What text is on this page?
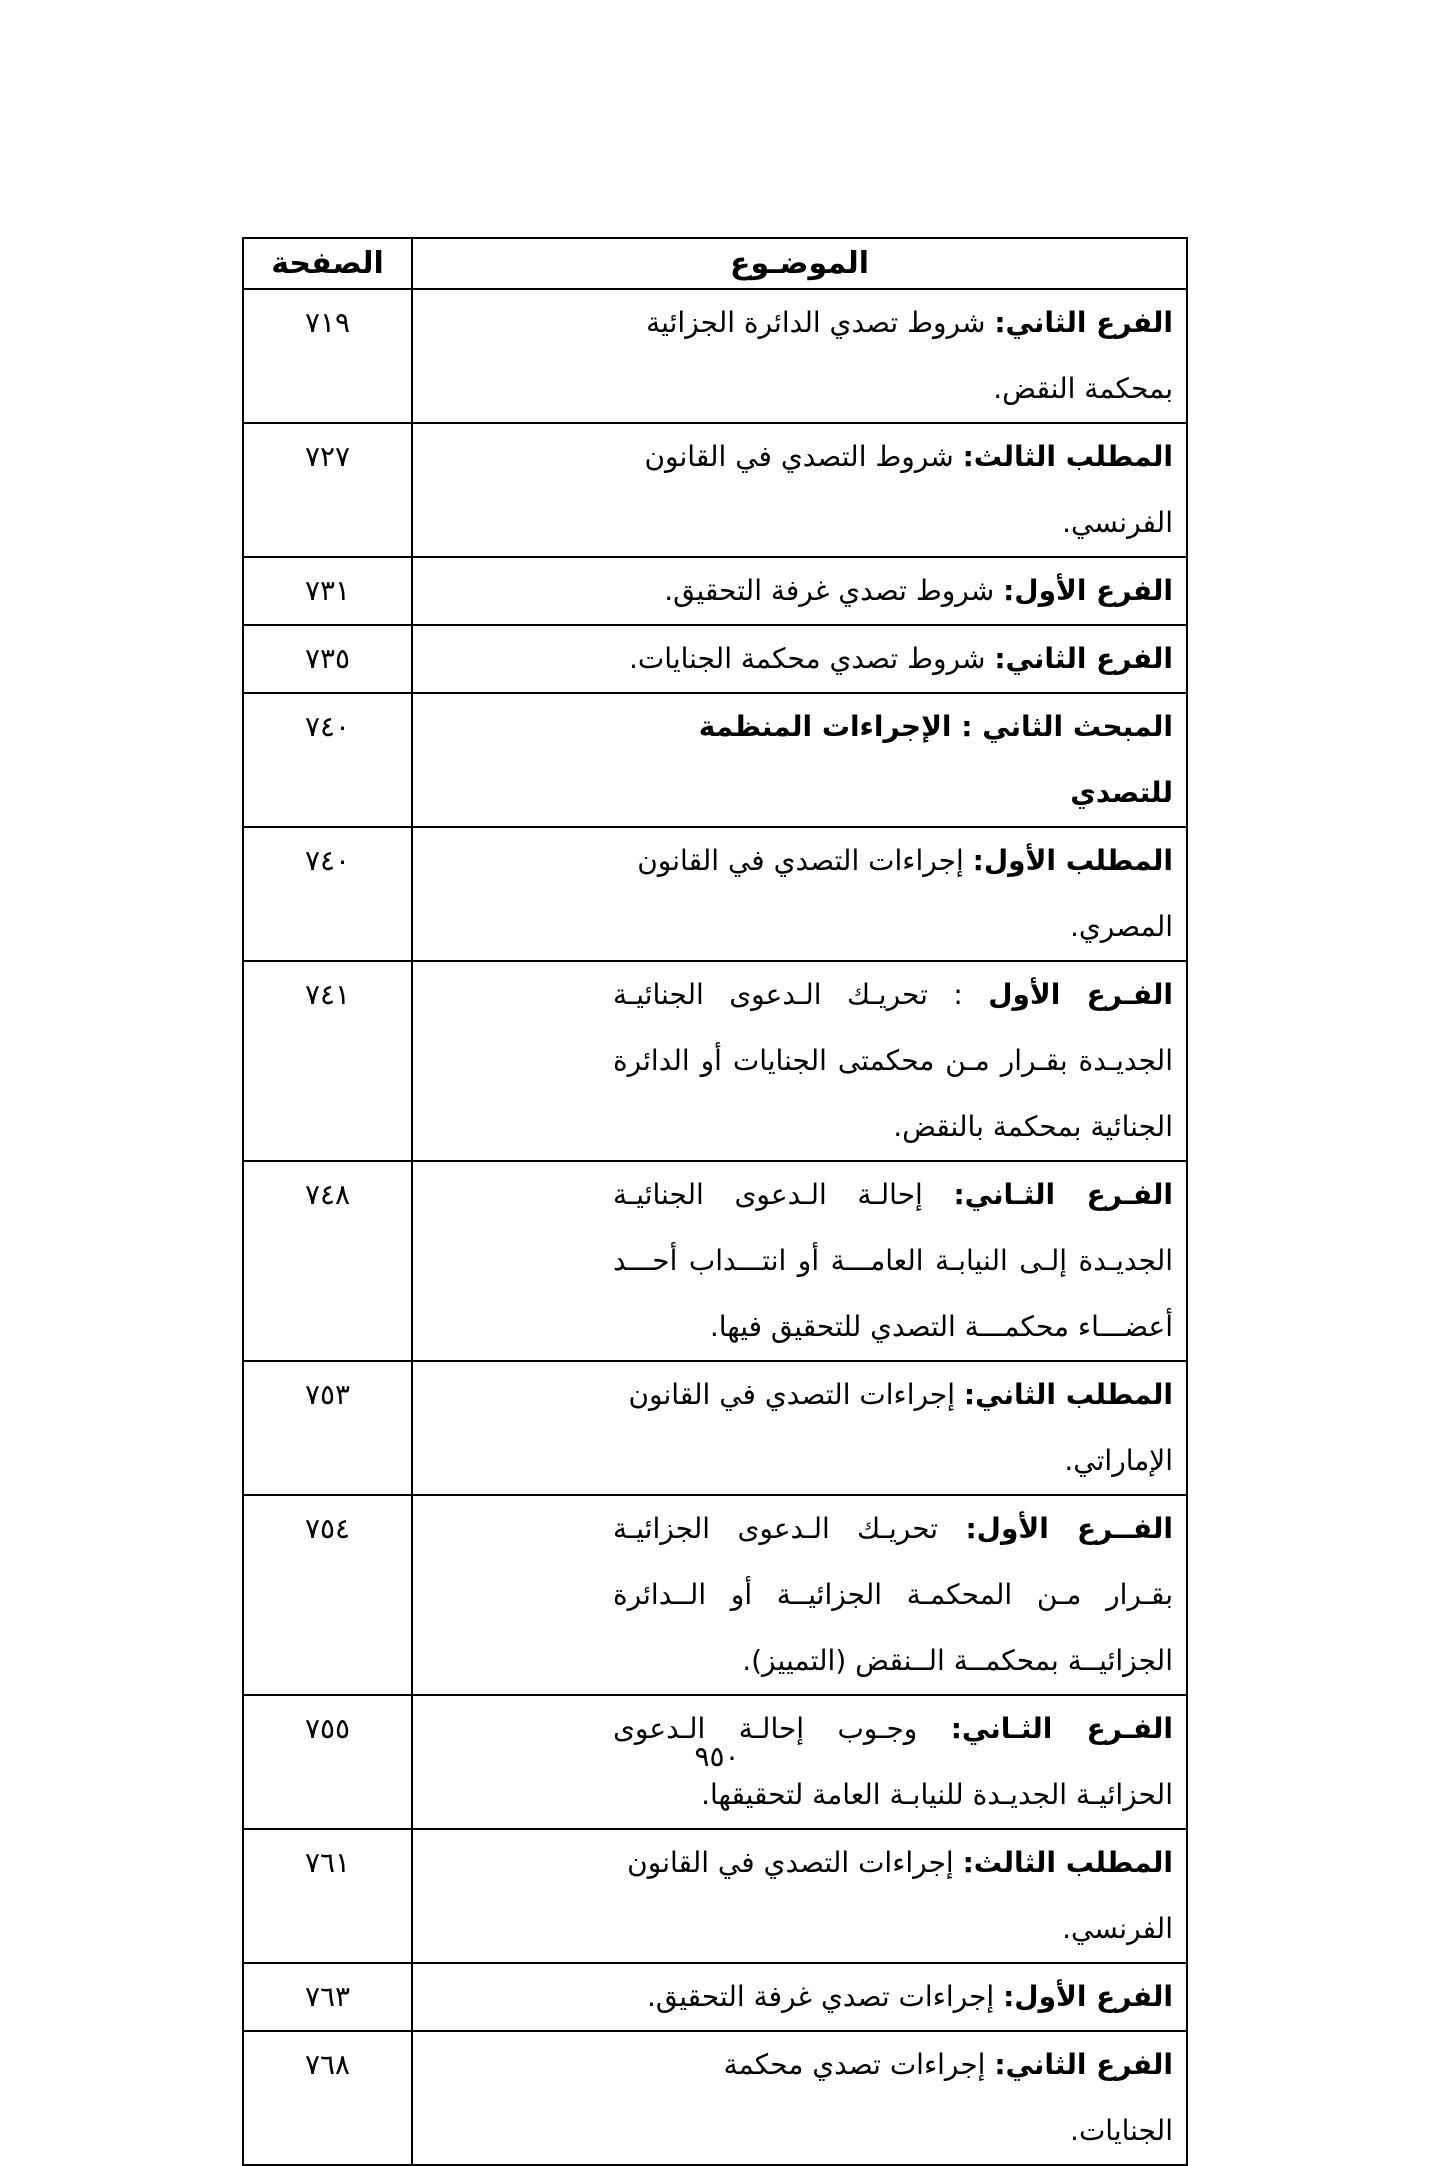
الموضـوع	الصفحة
الفرع الثاني: شروط تصدي الدائرة الجزائية بمحكمة النقض.	٧١٩
المطلب الثالث: شروط التصدي في القانون الفرنسي.	٧٢٧
الفرع الأول: شروط تصدي غرفة التحقيق.	٧٣١
الفرع الثاني: شروط تصدي محكمة الجنايات.	٧٣٥
المبحث الثاني : الإجراءات المنظمة للتصدي	٧٤٠
المطلب الأول: إجراءات التصدي في القانون المصري.	٧٤٠
الفـرع الأول : تحريـك الـدعوى الجنائيـة الجديـدة بقـرار مـن محكمتى الجنايات أو الدائرة الجنائية بمحكمة بالنقض.	٧٤١
الفـرع الثـاني: إحالـة الـدعوى الجنائيـة الجديـدة إلـى النيابـة العامـــة أو انتـــداب أحـــد أعضـــاء محكمـــة التصدي للتحقيق فيها.	٧٤٨
المطلب الثاني: إجراءات التصدي في القانون الإماراتي.	٧٥٣
الفــرع الأول: تحريـك الـدعوى الجزائيـة بقـرار مـن المحكمـة الجزائيــة أو الــدائرة الجزائيــة بمحكمــة الــنقض (التمييز).	٧٥٤
الفـرع الثـاني: وجـوب إحالـة الـدعوى الحزائيـة الجديـدة للنيابـة العامة لتحقيقها.	٧٥٥
المطلب الثالث: إجراءات التصدي في القانون الفرنسي.	٧٦١
الفرع الأول: إجراءات تصدي غرفة التحقيق.	٧٦٣
الفرع الثاني: إجراءات تصدي محكمة الجنايات.	٧٦٨
٩٥٠
